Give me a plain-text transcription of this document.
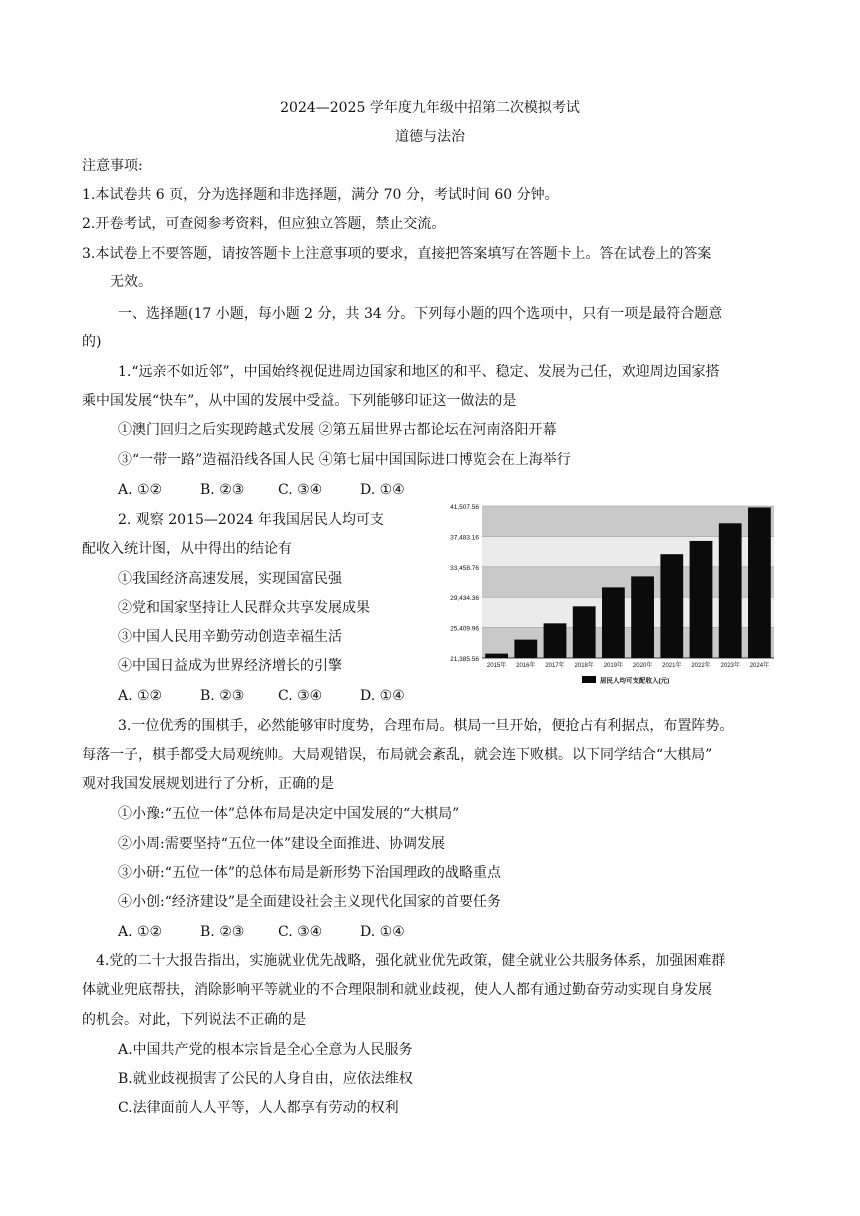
2024—2025 学年度九年级中招第二次模拟考试
道德与法治
注意事项:
1.本试卷共 6 页，分为选择题和非选择题，满分 70 分，考试时间 60 分钟。
2.开卷考试，可查阅参考资料，但应独立答题，禁止交流。
3.本试卷上不要答题，请按答题卡上注意事项的要求，直接把答案填写在答题卡上。答在试卷上的答案
无效。
一、选择题(17 小题，每小题 2 分，共 34 分。下列每小题的四个选项中，只有一项是最符合题意
的)
1.“远亲不如近邻”，中国始终视促进周边国家和地区的和平、稳定、发展为己任，欢迎周边国家搭
乘中国发展“快车”，从中国的发展中受益。下列能够印证这一做法的是
①澳门回归之后实现跨越式发展 ②第五届世界古都论坛在河南洛阳开幕
③“一带一路”造福沿线各国人民 ④第七届中国国际进口博览会在上海举行
A. ①②	B. ②③ C. ③④	D. ①④
2. 观察 2015—2024 年我国居民人均可支
配收入统计图，从中得出的结论有
①我国经济高速发展，实现国富民强
②党和国家坚持让人民群众共享发展成果
③中国人民用辛勤劳动创造幸福生活
④中国日益成为世界经济增长的引擎
A. ①②	B. ②③ C. ③④	D. ①④
41,507.56
37,483.16
33,458.76
29,434.36
25,409.96
21,385.56
2015年 2016年 2017年 2018年 2019年 2020年 2021年 2022年 2023年 2024年
居民人均可支配收入(元)
3.一位优秀的围棋手，必然能够审时度势，合理布局。棋局一旦开始，便抢占有利据点，布置阵势。
每落一子，棋手都受大局观统帅。大局观错误，布局就会紊乱，就会连下败棋。以下同学结合“大棋局”
观对我国发展规划进行了分析，正确的是
①小豫:“五位一体”总体布局是决定中国发展的“大棋局”
②小周:需要坚持“五位一体”建设全面推进、协调发展
③小研:“五位一体”的总体布局是新形势下治国理政的战略重点
④小创:“经济建设”是全面建设社会主义现代化国家的首要任务
A. ①②	B. ②③ C. ③④	D. ①④
4.党的二十大报告指出，实施就业优先战略，强化就业优先政策，健全就业公共服务体系，加强困难群
体就业兜底帮扶，消除影响平等就业的不合理限制和就业歧视，使人人都有通过勤奋劳动实现自身发展
的机会。对此，下列说法不正确的是
A.中国共产党的根本宗旨是全心全意为人民服务
B.就业歧视损害了公民的人身自由，应依法维权
C.法律面前人人平等，人人都享有劳动的权利
